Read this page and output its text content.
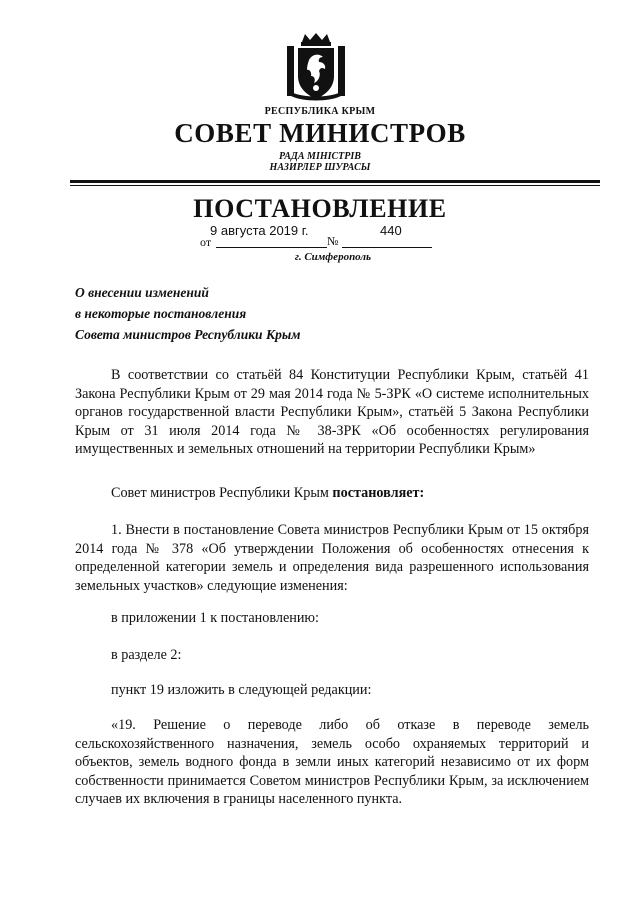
РЕСПУБЛИКА КРЫМ
СОВЕТ МИНИСТРОВ
РАДА МІНІСТРІВ
НАЗИРЛЕР ШУРАСЫ
ПОСТАНОВЛЕНИЕ
9 августа 2019 г.	440
от	№
г. Симферополь
О внесении изменений
в некоторые постановления
Совета министров Республики Крым
В соответствии со статьёй 84 Конституции Республики Крым, статьёй 41 Закона Республики Крым от 29 мая 2014 года № 5-ЗРК «О системе исполнительных органов государственной власти Республики Крым», статьёй 5 Закона Республики Крым от 31 июля 2014 года № 38-ЗРК «Об особенностях регулирования имущественных и земельных отношений на территории Республики Крым»
Совет министров Республики Крым постановляет:
1. Внести в постановление Совета министров Республики Крым от 15 октября 2014 года № 378 «Об утверждении Положения об особенностях отнесения к определенной категории земель и определения вида разрешенного использования земельных участков» следующие изменения:
в приложении 1 к постановлению:
в разделе 2:
пункт 19 изложить в следующей редакции:
«19. Решение о переводе либо об отказе в переводе земель сельскохозяйственного назначения, земель особо охраняемых территорий и объектов, земель водного фонда в земли иных категорий независимо от их форм собственности принимается Советом министров Республики Крым, за исключением случаев их включения в границы населенного пункта.
